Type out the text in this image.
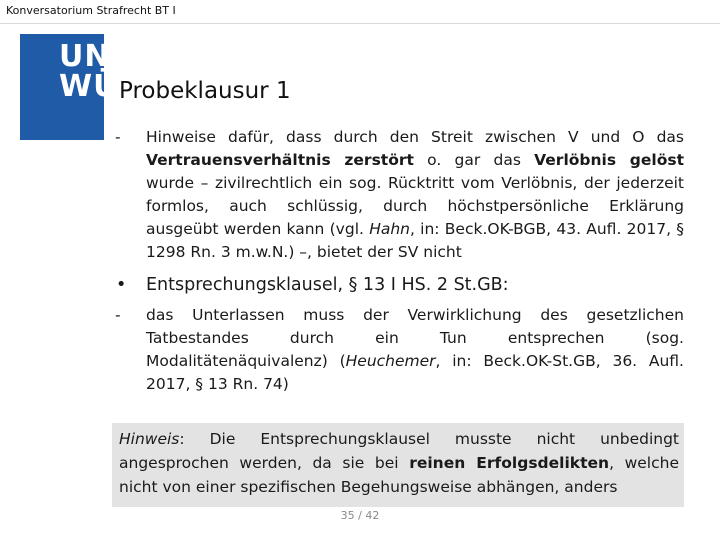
Konversatorium Strafrecht BT I
UNI
WÜ Probeklausur 1
- Hinweise dafür, dass durch den Streit zwischen V und O das Vertrauensverhältnis zerstört o. gar das Verlöbnis gelöst wurde – zivilrechtlich ein sog. Rücktritt vom Verlöbnis, der jederzeit formlos, auch schlüssig, durch höchstpersönliche Erklärung ausgeübt werden kann (vgl. Hahn, in: Beck.OK-BGB, 43. Aufl. 2017, § 1298 Rn. 3 m.w.N.) –, bietet der SV nicht
• Entsprechungsklausel, § 13 I HS. 2 St.GB:
- das Unterlassen muss der Verwirklichung des gesetzlichen Tatbestandes durch ein Tun entsprechen (sog. Modalitätenäquivalenz) (Heuchemer, in: Beck.OK-St.GB, 36. Aufl. 2017, § 13 Rn. 74)
Hinweis: Die Entsprechungsklausel musste nicht unbedingt angesprochen werden, da sie bei reinen Erfolgsdelikten, welche nicht von einer spezifischen Begehungsweise abhängen, anders
35 / 42
